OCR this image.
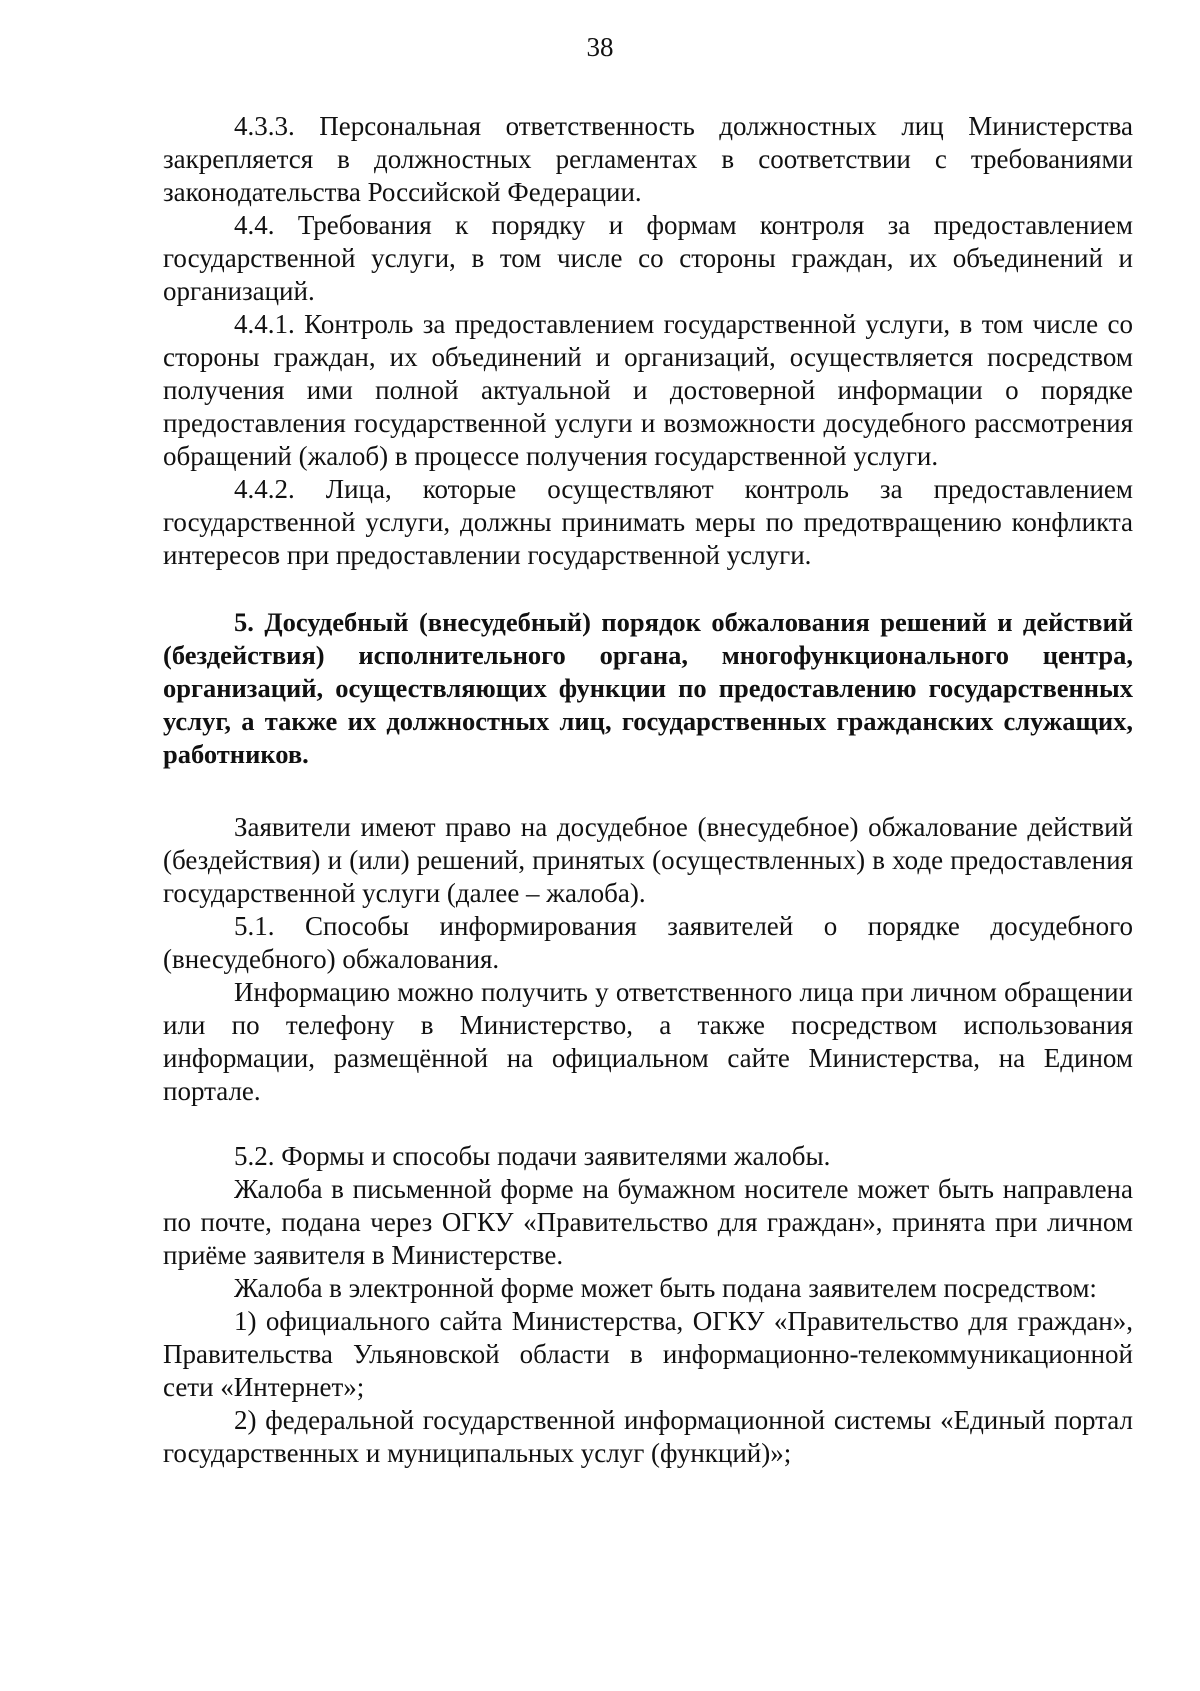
38

4.3.3. Персональная ответственность должностных лиц Министерства закрепляется в должностных регламентах в соответствии с требованиями законодательства Российской Федерации.

4.4. Требования к порядку и формам контроля за предоставлением государственной услуги, в том числе со стороны граждан, их объединений и организаций.

4.4.1. Контроль за предоставлением государственной услуги, в том числе со стороны граждан, их объединений и организаций, осуществляется посредством получения ими полной актуальной и достоверной информации о порядке предоставления государственной услуги и возможности досудебного рассмотрения обращений (жалоб) в процессе получения государственной услуги.

4.4.2. Лица, которые осуществляют контроль за предоставлением государственной услуги, должны принимать меры по предотвращению конфликта интересов при предоставлении государственной услуги.

5. Досудебный (внесудебный) порядок обжалования решений и действий (бездействия) исполнительного органа, многофункционального центра, организаций, осуществляющих функции по предоставлению государственных услуг, а также их должностных лиц, государственных гражданских служащих, работников.

Заявители имеют право на досудебное (внесудебное) обжалование действий (бездействия) и (или) решений, принятых (осуществленных) в ходе предоставления государственной услуги (далее – жалоба).

5.1. Способы информирования заявителей о порядке досудебного (внесудебного) обжалования.

Информацию можно получить у ответственного лица при личном обращении или по телефону в Министерство, а также посредством использования информации, размещённой на официальном сайте Министерства, на Едином портале.

5.2. Формы и способы подачи заявителями жалобы.

Жалоба в письменной форме на бумажном носителе может быть направлена по почте, подана через ОГКУ «Правительство для граждан», принята при личном приёме заявителя в Министерстве.

Жалоба в электронной форме может быть подана заявителем посредством:

1) официального сайта Министерства, ОГКУ «Правительство для граждан», Правительства Ульяновской области в информационно-телекоммуникационной сети «Интернет»;

2) федеральной государственной информационной системы «Единый портал государственных и муниципальных услуг (функций)»;
